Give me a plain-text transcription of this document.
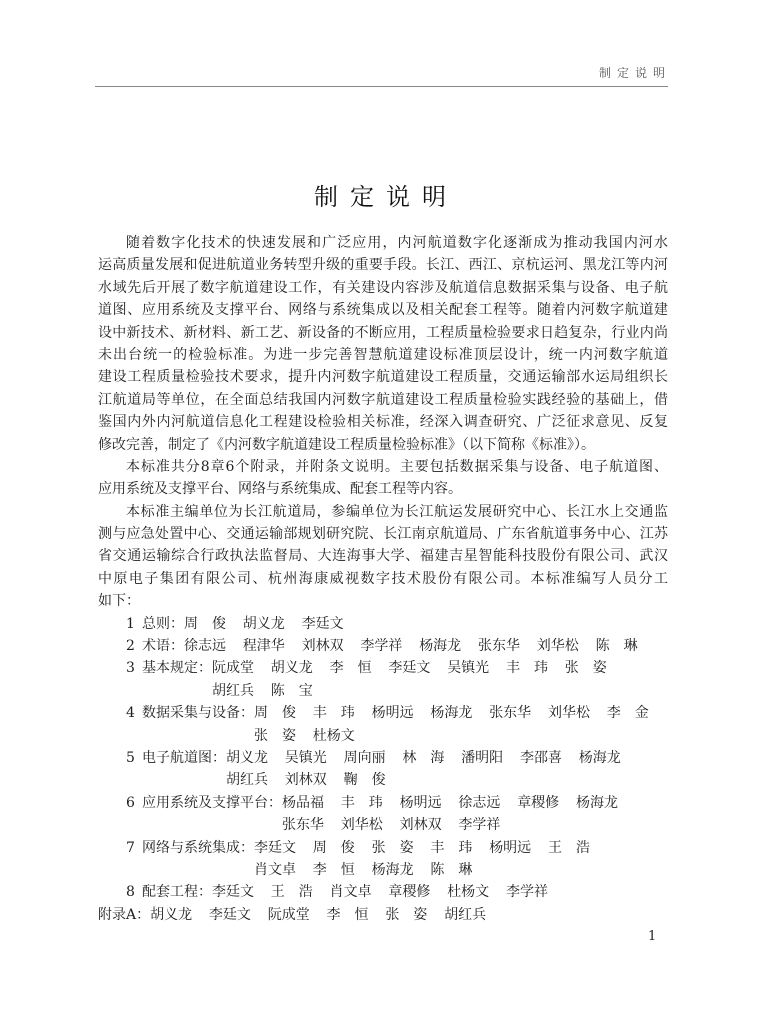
制定说明
制定说明
随着数字化技术的快速发展和广泛应用，内河航道数字化逐渐成为推动我国内河水
运高质量发展和促进航道业务转型升级的重要手段。长江、西江、京杭运河、黑龙江等内河
水域先后开展了数字航道建设工作，有关建设内容涉及航道信息数据采集与设备、电子航
道图、应用系统及支撑平台、网络与系统集成以及相关配套工程等。随着内河数字航道建
设中新技术、新材料、新工艺、新设备的不断应用，工程质量检验要求日趋复杂，行业内尚
未出台统一的检验标准。为进一步完善智慧航道建设标准顶层设计，统一内河数字航道
建设工程质量检验技术要求，提升内河数字航道建设工程质量，交通运输部水运局组织长
江航道局等单位，在全面总结我国内河数字航道建设工程质量检验实践经验的基础上，借
鉴国内外内河航道信息化工程建设检验相关标准，经深入调查研究、广泛征求意见、反复
修改完善，制定了《内河数字航道建设工程质量检验标准》（以下简称《标准》）。
本标准共分8章6个附录，并附条文说明。主要包括数据采集与设备、电子航道图、
应用系统及支撑平台、网络与系统集成、配套工程等内容。
本标准主编单位为长江航道局，参编单位为长江航运发展研究中心、长江水上交通监
测与应急处置中心、交通运输部规划研究院、长江南京航道局、广东省航道事务中心、江苏
省交通运输综合行政执法监督局、大连海事大学、福建吉星智能科技股份有限公司、武汉
中原电子集团有限公司、杭州海康威视数字技术股份有限公司。本标准编写人员分工
如下：
1 总则： 周 俊 胡义龙 李廷文
2 术语： 徐志远 程津华 刘林双 李学祥 杨海龙 张东华 刘华松 陈 琳
3 基本规定： 阮成堂 胡义龙 李 恒 李廷文 吴镇光 丰 玮 张 姿
胡红兵 陈 宝
4 数据采集与设备： 周 俊 丰 玮 杨明远 杨海龙 张东华 刘华松 李 金
张 姿 杜杨文
5 电子航道图： 胡义龙 吴镇光 周向丽 林 海 潘明阳 李邵喜 杨海龙
胡红兵 刘林双 鞠 俊
6 应用系统及支撑平台： 杨品福 丰 玮 杨明远 徐志远 章稷修 杨海龙
张东华 刘华松 刘林双 李学祥
7 网络与系统集成： 李廷文 周 俊 张 姿 丰 玮 杨明远 王 浩
肖文卓 李 恒 杨海龙 陈 琳
8 配套工程： 李廷文 王 浩 肖文卓 章稷修 杜杨文 李学祥
附录A： 胡义龙 李廷文 阮成堂 李 恒 张 姿 胡红兵
1
